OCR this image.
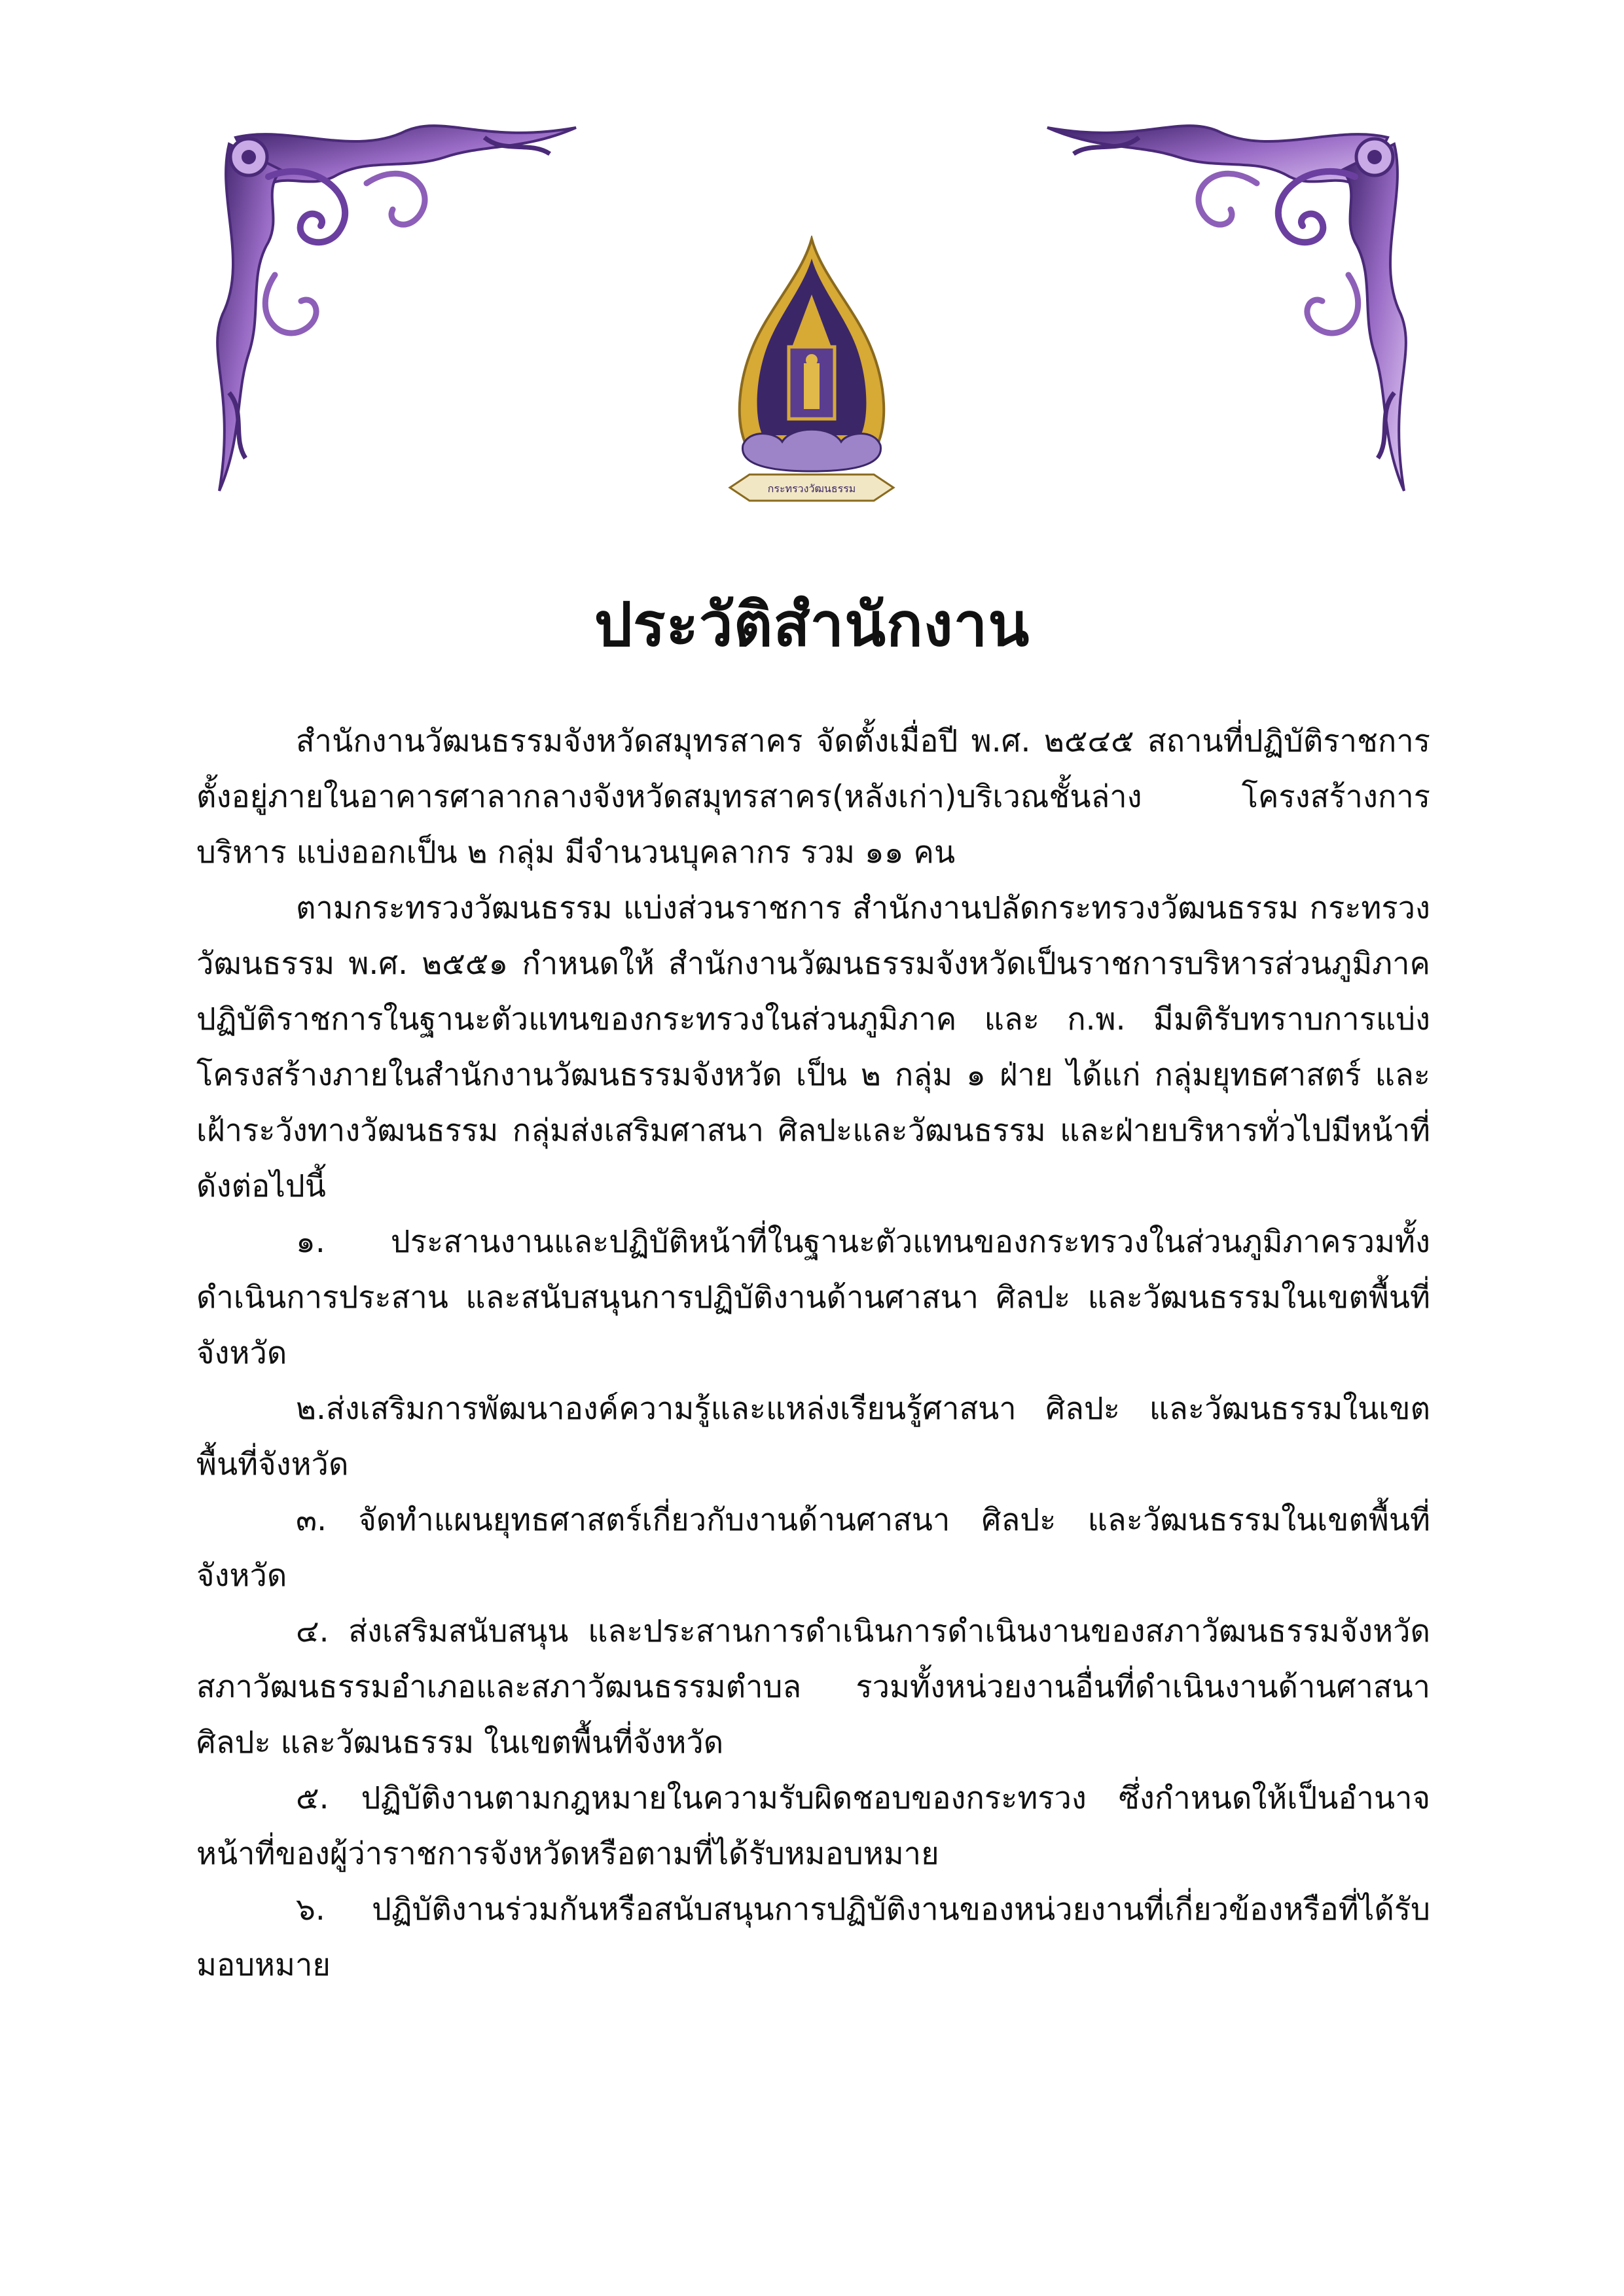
กระทรวงวัฒนธรรม
ประวัติสำนักงาน

สำนักงานวัฒนธรรมจังหวัดสมุทรสาคร จัดตั้งเมื่อปี พ.ศ. ๒๕๔๕ สถานที่ปฏิบัติราชการตั้งอยู่ภายในอาคารศาลากลางจังหวัดสมุทรสาคร(หลังเก่า)บริเวณชั้นล่าง โครงสร้างการบริหาร แบ่งออกเป็น ๒ กลุ่ม มีจำนวนบุคลากร รวม ๑๑ คน

ตามกระทรวงวัฒนธรรม แบ่งส่วนราชการ สำนักงานปลัดกระทรวงวัฒนธรรม กระทรวงวัฒนธรรม พ.ศ. ๒๕๕๑ กำหนดให้ สำนักงานวัฒนธรรมจังหวัดเป็นราชการบริหารส่วนภูมิภาคปฏิบัติราชการในฐานะตัวแทนของกระทรวงในส่วนภูมิภาค และ ก.พ. มีมติรับทราบการแบ่งโครงสร้างภายในสำนักงานวัฒนธรรมจังหวัด เป็น ๒ กลุ่ม ๑ ฝ่าย ได้แก่ กลุ่มยุทธศาสตร์ และเฝ้าระวังทางวัฒนธรรม กลุ่มส่งเสริมศาสนา ศิลปะและวัฒนธรรม และฝ่ายบริหารทั่วไปมีหน้าที่ดังต่อไปนี้

๑. ประสานงานและปฏิบัติหน้าที่ในฐานะตัวแทนของกระทรวงในส่วนภูมิภาครวมทั้งดำเนินการประสาน และสนับสนุนการปฏิบัติงานด้านศาสนา ศิลปะ และวัฒนธรรมในเขตพื้นที่จังหวัด

๒.ส่งเสริมการพัฒนาองค์ความรู้และแหล่งเรียนรู้ศาสนา ศิลปะ และวัฒนธรรมในเขตพื้นที่จังหวัด

๓. จัดทำแผนยุทธศาสตร์เกี่ยวกับงานด้านศาสนา ศิลปะ และวัฒนธรรมในเขตพื้นที่จังหวัด

๔. ส่งเสริมสนับสนุน และประสานการดำเนินการดำเนินงานของสภาวัฒนธรรมจังหวัด สภาวัฒนธรรมอำเภอและสภาวัฒนธรรมตำบล รวมทั้งหน่วยงานอื่นที่ดำเนินงานด้านศาสนา ศิลปะ และวัฒนธรรม ในเขตพื้นที่จังหวัด

๕. ปฏิบัติงานตามกฎหมายในความรับผิดชอบของกระทรวง ซึ่งกำหนดให้เป็นอำนาจหน้าที่ของผู้ว่าราชการจังหวัดหรือตามที่ได้รับหมอบหมาย

๖. ปฏิบัติงานร่วมกันหรือสนับสนุนการปฏิบัติงานของหน่วยงานที่เกี่ยวข้องหรือที่ได้รับมอบหมาย
